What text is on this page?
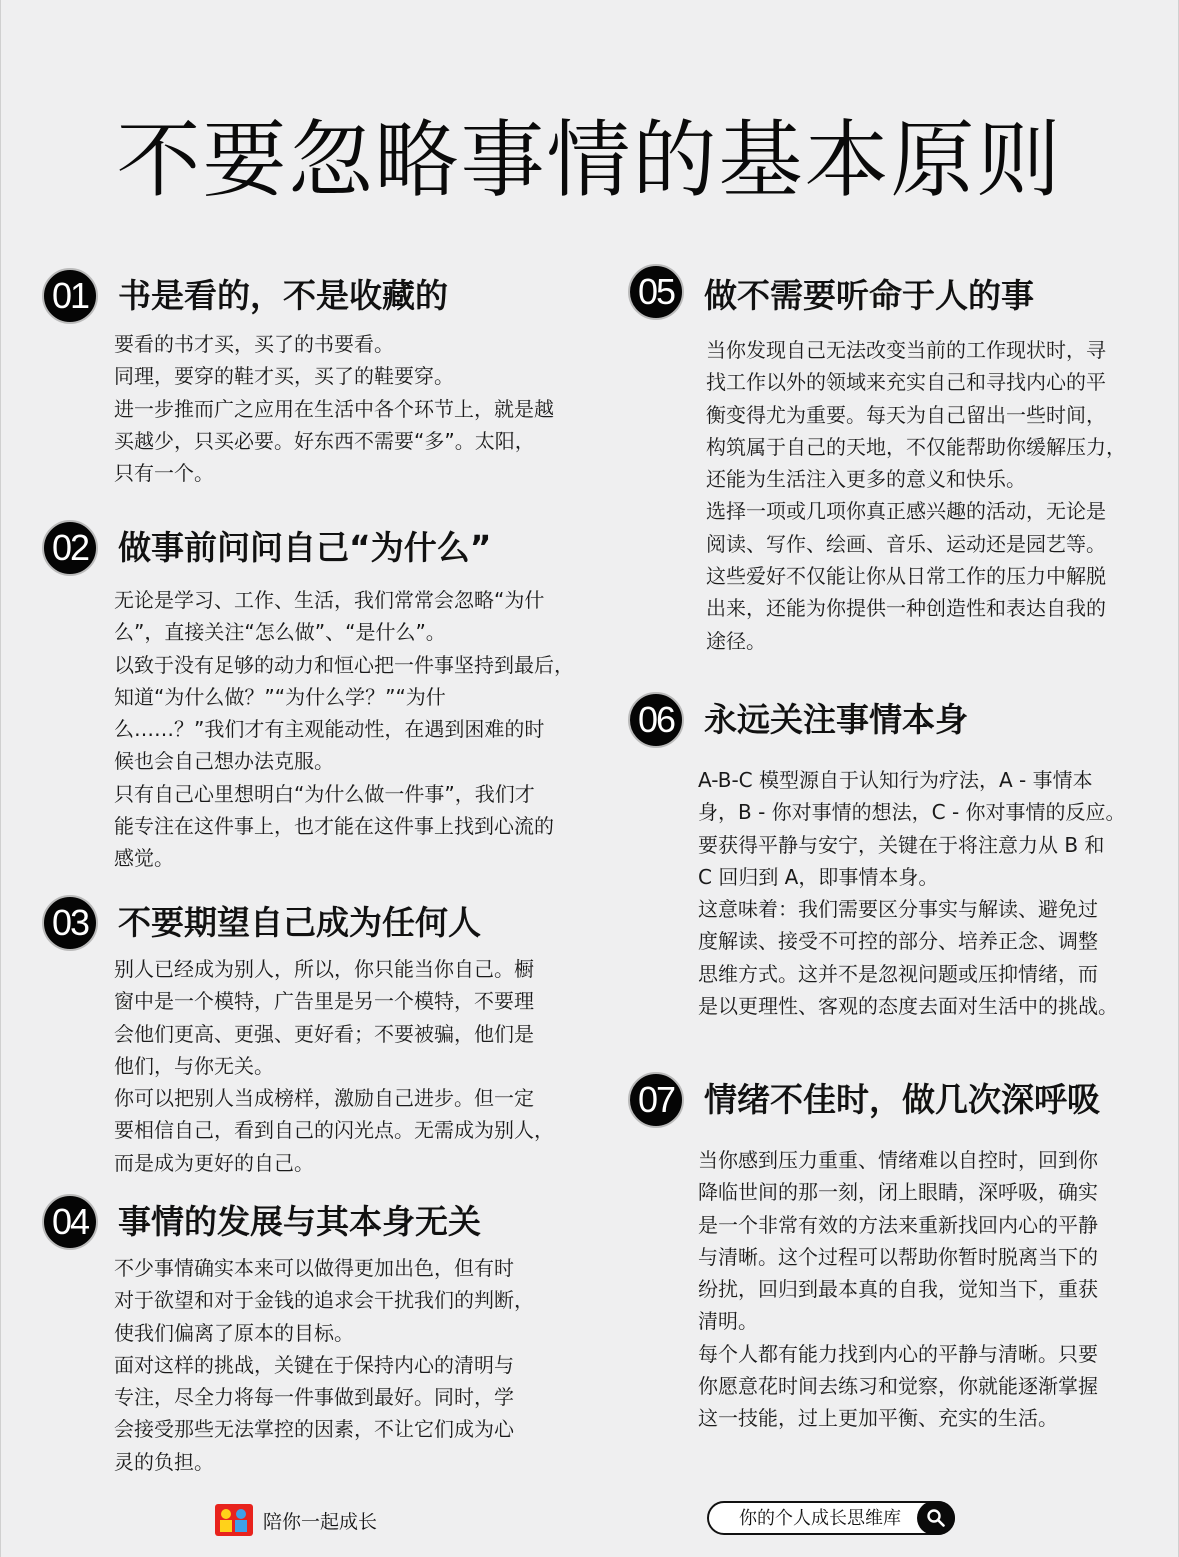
不要忽略事情的基本原则
01 书是看的，不是收藏的

要看的书才买，买了的书要看。

同理，要穿的鞋才买，买了的鞋要穿。

进一步推而广之应用在生活中各个环节上，就是越
买越少，只买必要。好东西不需要“多”。太阳，
只有一个。

02 做事前问问自己“为什么”

无论是学习、工作、生活，我们常常会忽略“为什
么”，直接关注“怎么做”、“是什么”。

以致于没有足够的动力和恒心把一件事坚持到最后，
知道“为什么做？”“为什么学？”“为什
么……？”我们才有主观能动性，在遇到困难的时
候也会自己想办法克服。

只有自己心里想明白“为什么做一件事”，我们才
能专注在这件事上，也才能在这件事上找到心流的
感觉。

03 不要期望自己成为任何人

别人已经成为别人，所以，你只能当你自己。橱
窗中是一个模特，广告里是另一个模特，不要理
会他们更高、更强、更好看；不要被骗，他们是
他们，与你无关。

你可以把别人当成榜样，激励自己进步。但一定
要相信自己，看到自己的闪光点。无需成为别人，
而是成为更好的自己。

04 事情的发展与其本身无关

不少事情确实本来可以做得更加出色，但有时
对于欲望和对于金钱的追求会干扰我们的判断，
使我们偏离了原本的目标。

面对这样的挑战，关键在于保持内心的清明与
专注，尽全力将每一件事做到最好。同时，学
会接受那些无法掌控的因素，不让它们成为心
灵的负担。

05 做不需要听命于人的事

当你发现自己无法改变当前的工作现状时，寻
找工作以外的领域来充实自己和寻找内心的平
衡变得尤为重要。每天为自己留出一些时间，
构筑属于自己的天地，不仅能帮助你缓解压力，
还能为生活注入更多的意义和快乐。

选择一项或几项你真正感兴趣的活动，无论是
阅读、写作、绘画、音乐、运动还是园艺等。
这些爱好不仅能让你从日常工作的压力中解脱
出来，还能为你提供一种创造性和表达自我的
途径。

06 永远关注事情本身

A-B-C 模型源自于认知行为疗法，A - 事情本
身，B - 你对事情的想法，C - 你对事情的反应。
要获得平静与安宁，关键在于将注意力从 B 和
C 回归到 A，即事情本身。

这意味着：我们需要区分事实与解读、避免过
度解读、接受不可控的部分、培养正念、调整
思维方式。这并不是忽视问题或压抑情绪，而
是以更理性、客观的态度去面对生活中的挑战。

07 情绪不佳时，做几次深呼吸

当你感到压力重重、情绪难以自控时，回到你
降临世间的那一刻，闭上眼睛，深呼吸，确实
是一个非常有效的方法来重新找回内心的平静
与清晰。这个过程可以帮助你暂时脱离当下的
纷扰，回归到最本真的自我，觉知当下，重获
清明。

每个人都有能力找到内心的平静与清晰。只要
你愿意花时间去练习和觉察，你就能逐渐掌握
这一技能，过上更加平衡、充实的生活。

陪你一起成长	你的个人成长思维库
